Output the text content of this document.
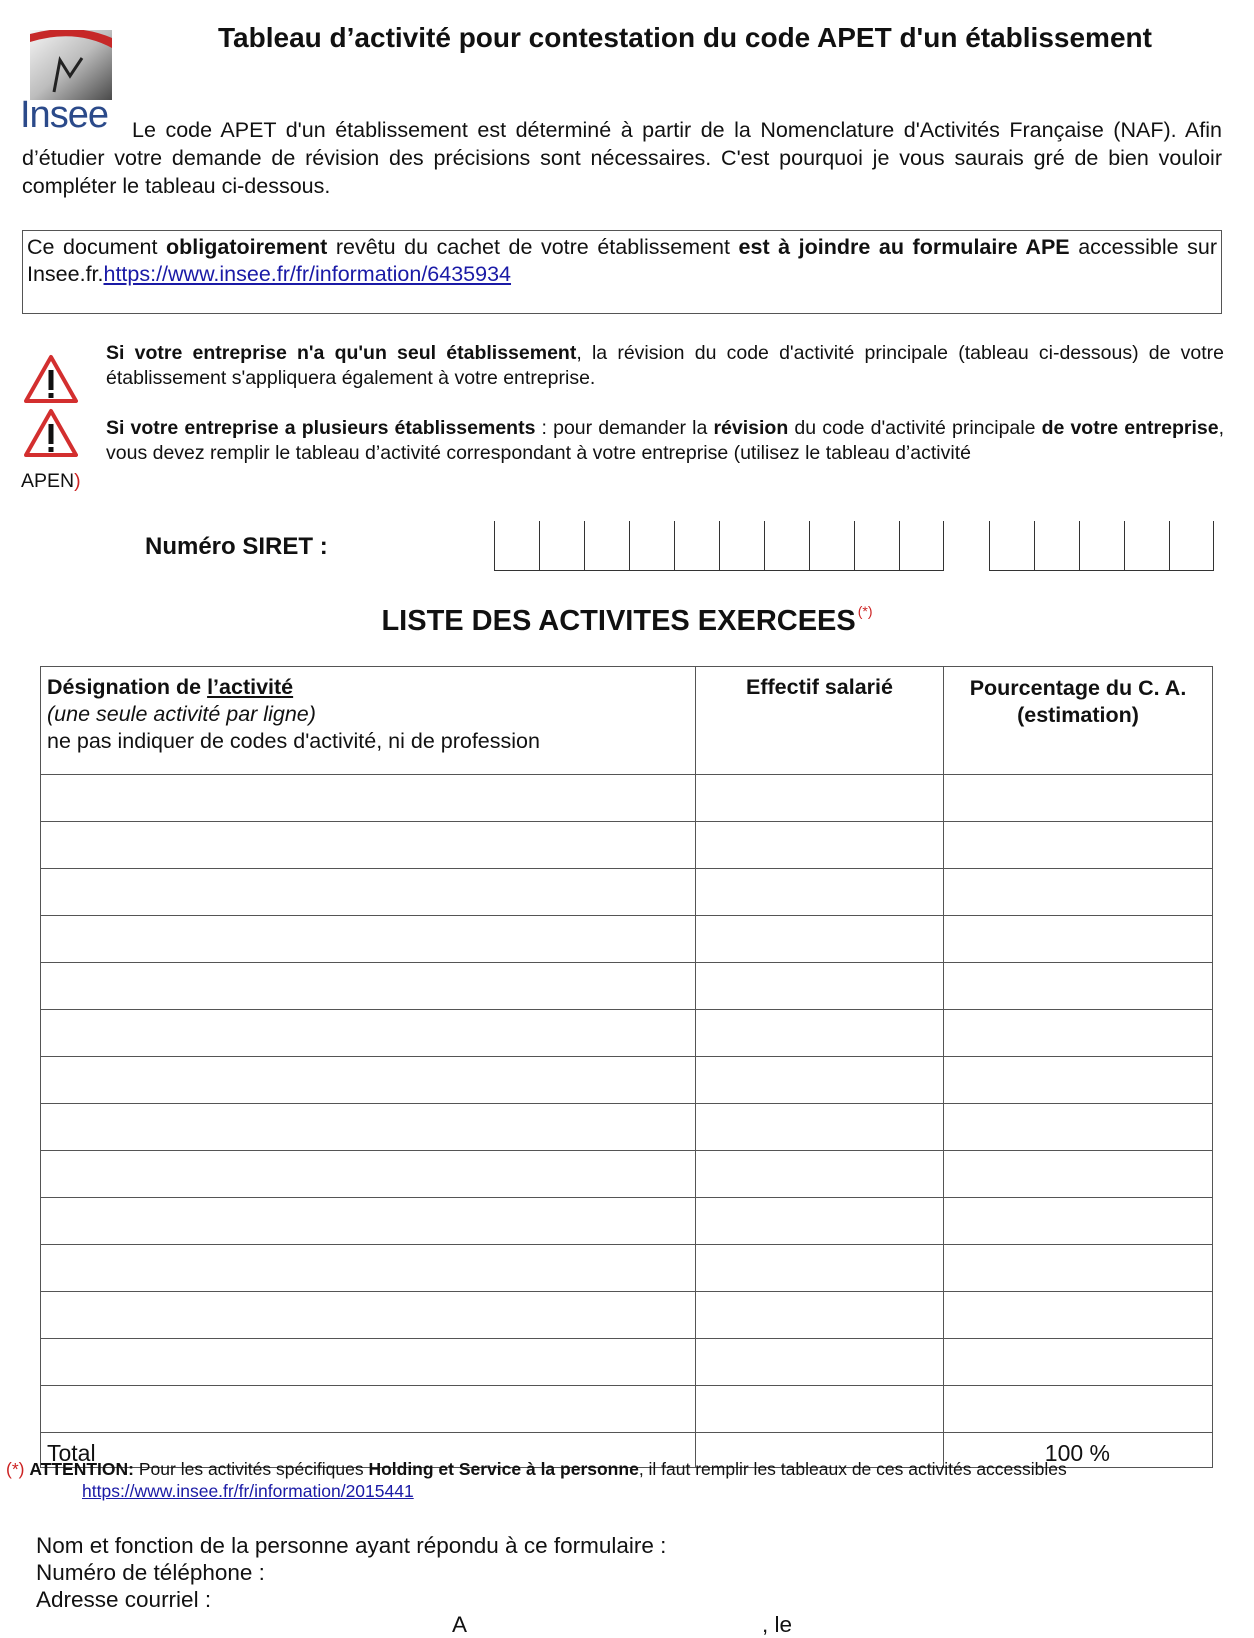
Insee
Tableau d’activité pour contestation du code APET d'un établissement
Le code APET d'un établissement est déterminé à partir de la Nomenclature d'Activités Française (NAF). Afin d’étudier votre demande de révision des précisions sont nécessaires. C'est pourquoi je vous saurais gré de bien vouloir compléter le tableau ci-dessous.
Ce document obligatoirement revêtu du cachet de votre établissement est à joindre au formulaire APE accessible sur Insee.fr.https://www.insee.fr/fr/information/6435934
Si votre entreprise n'a qu'un seul établissement, la révision du code d'activité principale (tableau ci-dessous) de votre établissement s'appliquera également à votre entreprise.
Si votre entreprise a plusieurs établissements : pour demander la révision du code d'activité principale de votre entreprise, vous devez remplir le tableau d’activité correspondant à votre entreprise (utilisez le tableau d’activité
APEN)
Numéro SIRET :
LISTE DES ACTIVITES EXERCEES (*)
Désignation de l’activité
(une seule activité par ligne)
ne pas indiquer de codes d'activité, ni de profession	Effectif salarié	Pourcentage du C. A.
(estimation)

Total		100 %
(*) ATTENTION: Pour les activités spécifiques Holding et Service à la personne, il faut remplir les tableaux de ces activités accessibles
https://www.insee.fr/fr/information/2015441
Nom et fonction de la personne ayant répondu à ce formulaire :
Numéro de téléphone :
Adresse courriel :
A	, le
